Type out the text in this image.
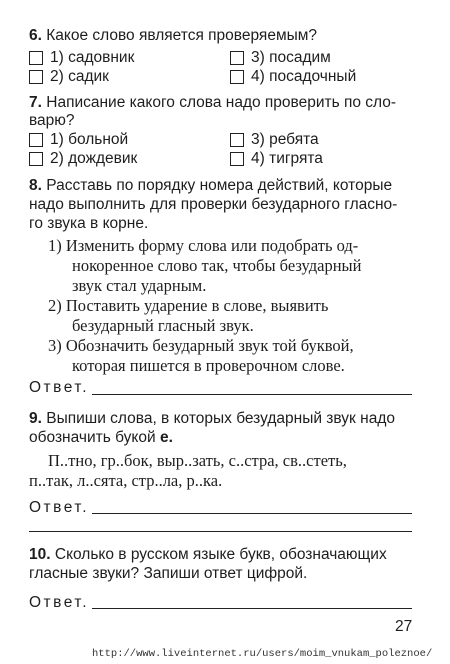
6. Какое слово является проверяемым?
1) садовник
2) садик
3) посадим
4) посадочный
7. Написание какого слова надо проверить по сло-
варю?
1) больной
2) дождевик
3) ребята
4) тигрята
8. Расставь по порядку номера действий, которые
надо выполнить для проверки безударного гласно-
го звука в корне.
1) Изменить форму слова или подобрать од-
нокоренное слово так, чтобы безударный
звук стал ударным.
2) Поставить ударение в слове, выявить
безударный гласный звук.
3) Обозначить безударный звук той буквой,
которая пишется в проверочном слове.
Ответ.
9. Выпиши слова, в которых безударный звук надо
обозначить букой е.
П..тно, гр..бок, выр..зать, с..стра, св..стеть,
п..так, л..сята, стр..ла, р..ка.
Ответ.
10. Сколько в русском языке букв, обозначающих
гласные звуки? Запиши ответ цифрой.
Ответ.
27
http://www.liveinternet.ru/users/moim_vnukam_poleznoe/
